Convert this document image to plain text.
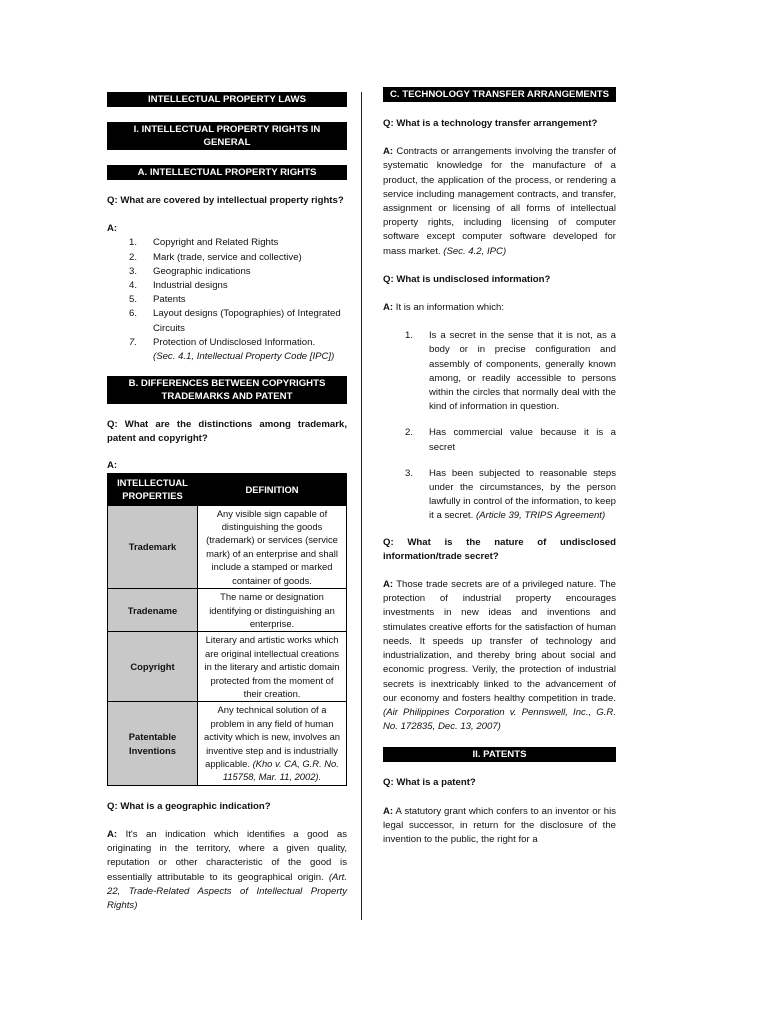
INTELLECTUAL PROPERTY LAWS
I. INTELLECTUAL PROPERTY RIGHTS IN GENERAL
A. INTELLECTUAL PROPERTY RIGHTS
Q: What are covered by intellectual property rights?
A:
1. Copyright and Related Rights
2. Mark (trade, service and collective)
3. Geographic indications
4. Industrial designs
5. Patents
6. Layout designs (Topographies) of Integrated Circuits
7. Protection of Undisclosed Information.
(Sec. 4.1, Intellectual Property Code [IPC])
B. DIFFERENCES BETWEEN COPYRIGHTS TRADEMARKS AND PATENT
Q: What are the distinctions among trademark, patent and copyright?
A:
INTELLECTUAL PROPERTIES	DEFINITION
Trademark	Any visible sign capable of distinguishing the goods (trademark) or services (service mark) of an enterprise and shall include a stamped or marked container of goods.
Tradename	The name or designation identifying or distinguishing an enterprise.
Copyright	Literary and artistic works which are original intellectual creations in the literary and artistic domain protected from the moment of their creation.
Patentable Inventions	Any technical solution of a problem in any field of human activity which is new, involves an inventive step and is industrially applicable. (Kho v. CA, G.R. No. 115758, Mar. 11, 2002).
Q: What is a geographic indication?
A: It's an indication which identifies a good as originating in the territory, where a given quality, reputation or other characteristic of the good is essentially attributable to its geographical origin. (Art. 22, Trade-Related Aspects of Intellectual Property Rights)
C. TECHNOLOGY TRANSFER ARRANGEMENTS
Q: What is a technology transfer arrangement?
A: Contracts or arrangements involving the transfer of systematic knowledge for the manufacture of a product, the application of the process, or rendering a service including management contracts, and transfer, assignment or licensing of all forms of intellectual property rights, including licensing of computer software except computer software developed for mass market. (Sec. 4.2, IPC)
Q: What is undisclosed information?
A: It is an information which:
1. Is a secret in the sense that it is not, as a body or in precise configuration and assembly of components, generally known among, or readily accessible to persons within the circles that normally deal with the kind of information in question.
2. Has commercial value because it is a secret
3. Has been subjected to reasonable steps under the circumstances, by the person lawfully in control of the information, to keep it a secret. (Article 39, TRIPS Agreement)
Q: What is the nature of undisclosed information/trade secret?
A: Those trade secrets are of a privileged nature. The protection of industrial property encourages investments in new ideas and inventions and stimulates creative efforts for the satisfaction of human needs. It speeds up transfer of technology and industrialization, and thereby bring about social and economic progress. Verily, the protection of industrial secrets is inextricably linked to the advancement of our economy and fosters healthy competition in trade. (Air Philippines Corporation v. Pennswell, Inc., G.R. No. 172835, Dec. 13, 2007)
II. PATENTS
Q: What is a patent?
A: A statutory grant which confers to an inventor or his legal successor, in return for the disclosure of the invention to the public, the right for a
